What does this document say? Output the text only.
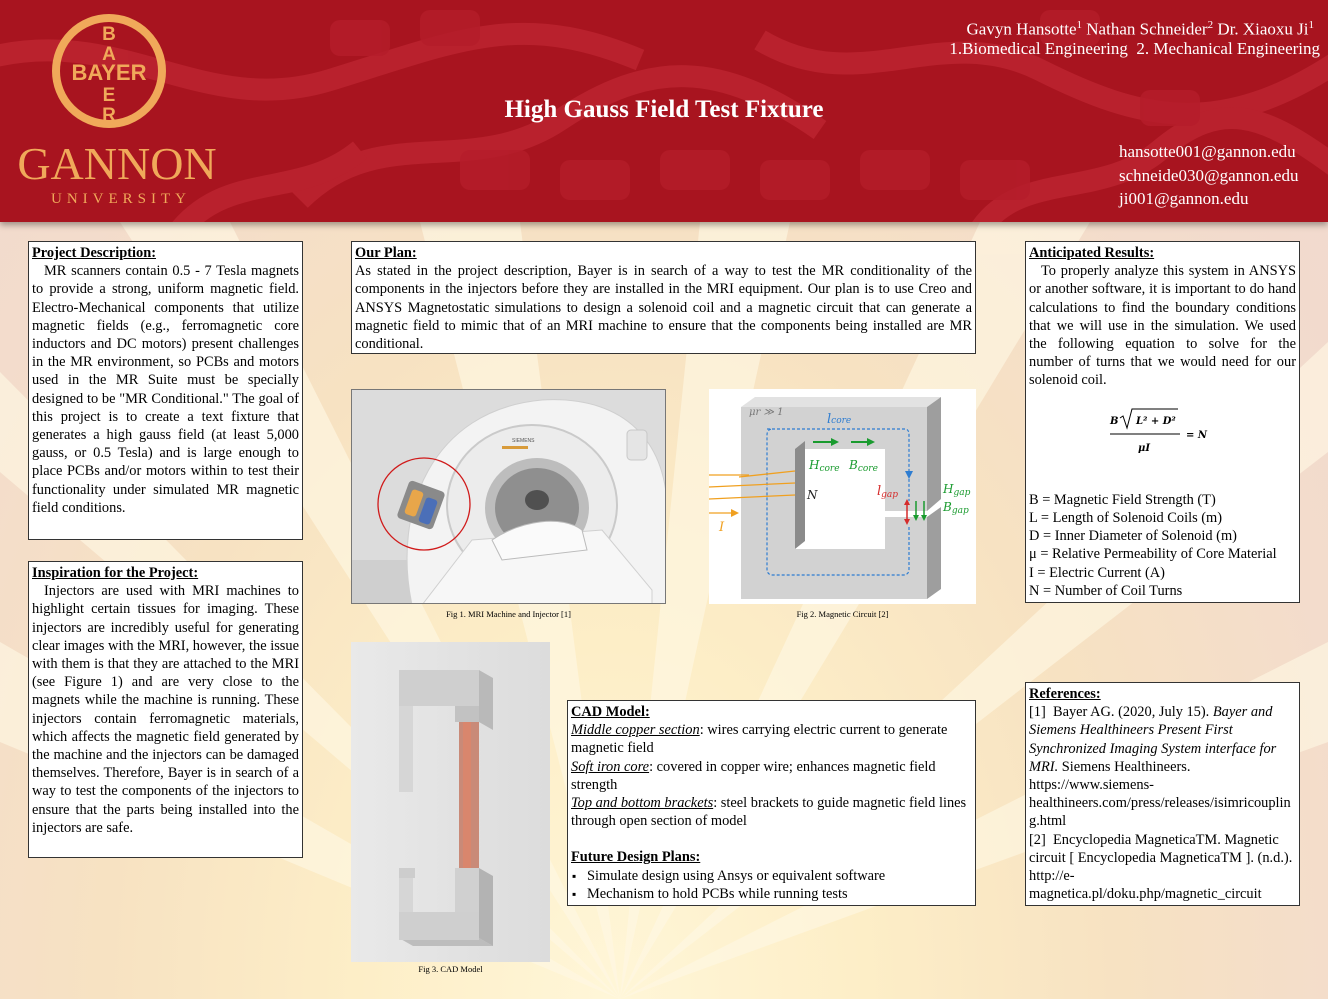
B
A
BAYER
E
R
GANNON
UNIVERSITY
Gavyn Hansotte$^1$ Nathan Schneider$^2$ Dr. Xiaoxu Ji$^1$
1.Biomedical Engineering  2. Mechanical Engineering
High Gauss Field Test Fixture
hansotte001@gannon.edu
schneide030@gannon.edu
ji001@gannon.edu
Project Description:

MR scanners contain 0.5 - 7 Tesla magnets to provide a strong, uniform magnetic field. Electro-Mechanical components that utilize magnetic fields (e.g., ferromagnetic core inductors and DC motors) present challenges in the MR environment, so PCBs and motors used in the MR Suite must be specially designed to be "MR Conditional." The goal of this project is to create a text fixture that generates a high gauss field (at least 5,000 gauss, or 0.5 Tesla) and is large enough to place PCBs and/or motors within to test their functionality under simulated MR magnetic field conditions.

Inspiration for the Project:

Injectors are used with MRI machines to highlight certain tissues for imaging. These injectors are incredibly useful for generating clear images with the MRI, however, the issue with them is that they are attached to the MRI (see Figure 1) and are very close to the magnets while the machine is running. These injectors contain ferromagnetic materials, which affects the magnetic field generated by the machine and the injectors can be damaged themselves. Therefore, Bayer is in search of a way to test the components of the injectors to ensure that the parts being installed into the injectors are safe.

Our Plan:

As stated in the project description, Bayer is in search of a way to test the MR conditionality of the components in the injectors before they are installed in the MRI equipment. Our plan is to use Creo and ANSYS Magnetostatic simulations to design a solenoid coil and a magnetic circuit that can generate a magnetic field to mimic that of an MRI machine to ensure that the components being installed are MR conditional.

SIEMENS
Fig 1. MRI Machine and Injector [1]
μr ≫ 1	lcore
Hcore Bcore
N	lgap	Hgap
Bgap
I
Fig 2. Magnetic Circuit [2]
Fig 3. CAD Model
CAD Model:

Middle copper section: wires carrying electric current to generate magnetic field

Soft iron core: covered in copper wire; enhances magnetic field strength

Top and bottom brackets: steel brackets to guide magnetic field lines through open section of model

Future Design Plans:
▪ Simulate design using Ansys or equivalent software
▪ Mechanism to hold PCBs while running tests
Anticipated Results:

To properly analyze this system in ANSYS or another software, it is important to do hand calculations to find the boundary conditions that we will use in the simulation. We used the following equation to solve for the number of turns that we would need for our solenoid coil.

B L² + D²
μI
= N
B = Magnetic Field Strength (T)
L = Length of Solenoid Coils (m)
D = Inner Diameter of Solenoid (m)
μ = Relative Permeability of Core Material
I = Electric Current (A)
N = Number of Coil Turns
References:

[1] Bayer AG. (2020, July 15). Bayer and Siemens Healthineers Present First Synchronized Imaging System interface for MRI. Siemens Healthineers. https://www.siemens-healthineers.com/press/releases/isimricoupling.html

[2] Encyclopedia MagneticaTM. Magnetic circuit [ Encyclopedia MagneticaTM ]. (n.d.). http://e-magnetica.pl/doku.php/magnetic_circuit
